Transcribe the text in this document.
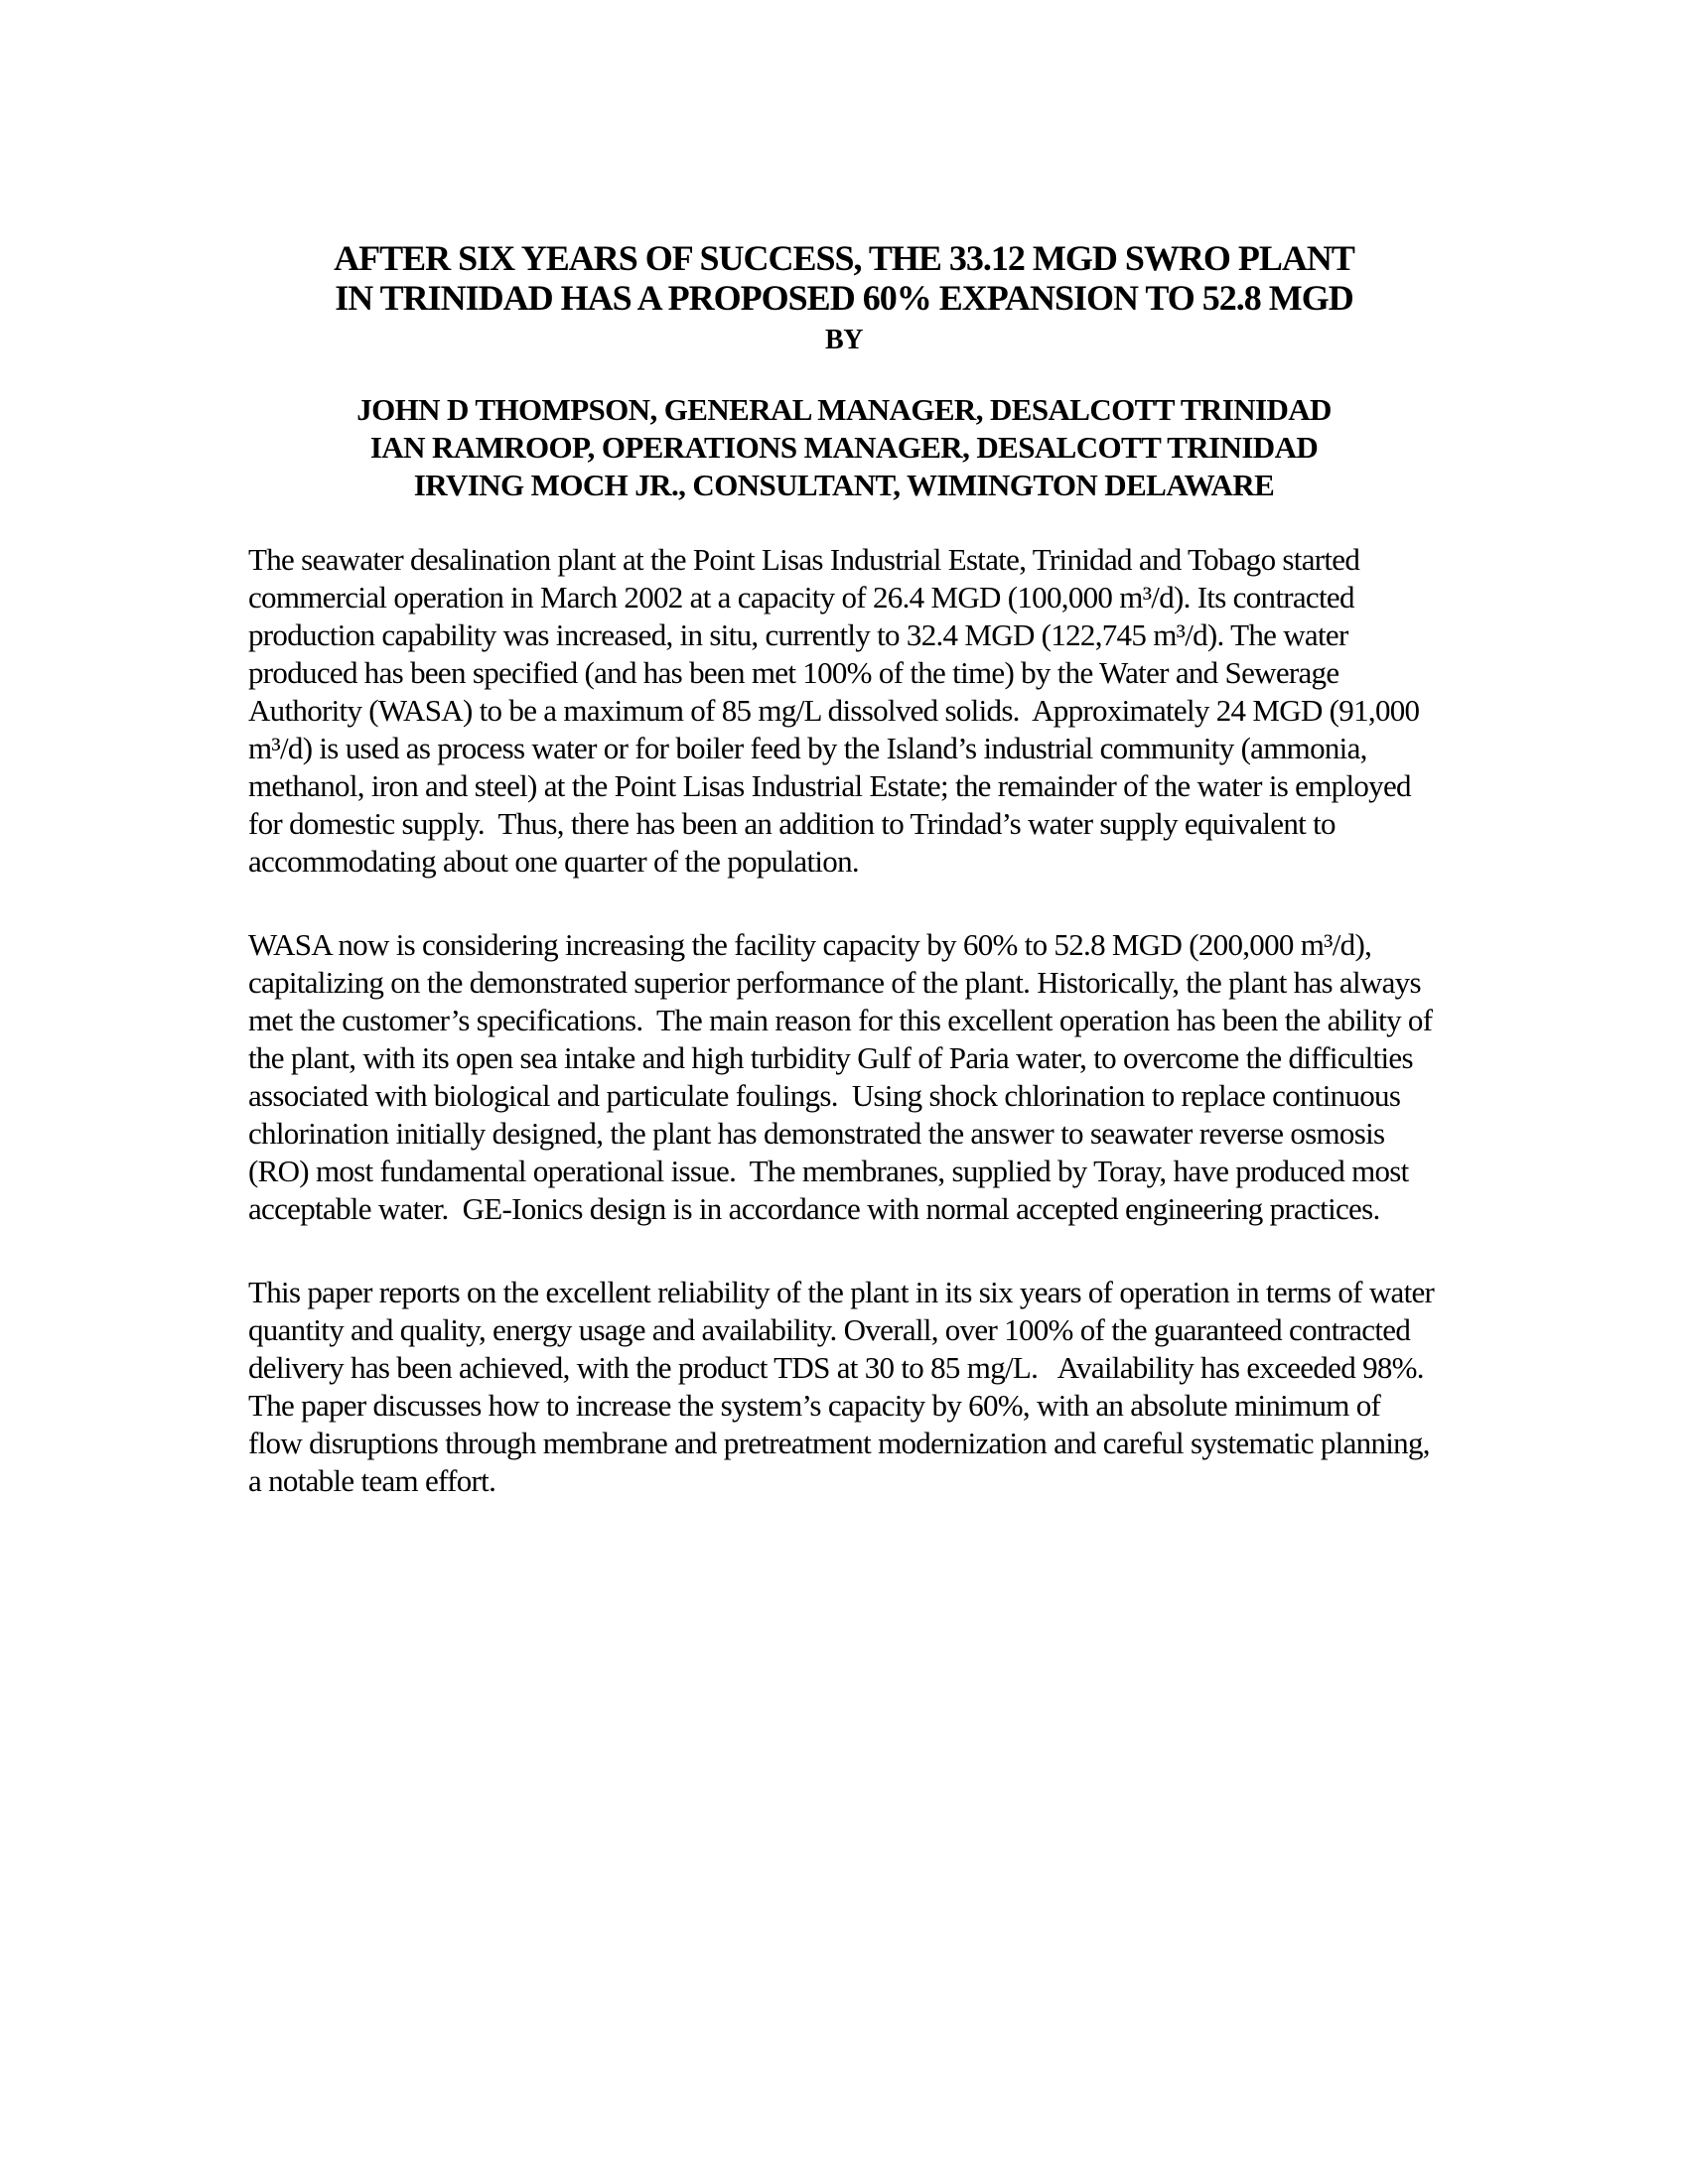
AFTER SIX YEARS OF SUCCESS, THE 33.12 MGD SWRO PLANT
IN TRINIDAD HAS A PROPOSED 60% EXPANSION TO 52.8 MGD
BY
JOHN D THOMPSON, GENERAL MANAGER, DESALCOTT TRINIDAD
IAN RAMROOP, OPERATIONS MANAGER, DESALCOTT TRINIDAD
IRVING MOCH JR., CONSULTANT, WIMINGTON DELAWARE

The seawater desalination plant at the Point Lisas Industrial Estate, Trinidad and Tobago started commercial operation in March 2002 at a capacity of 26.4 MGD (100,000 m³/d). Its contracted production capability was increased, in situ, currently to 32.4 MGD (122,745 m³/d). The water produced has been specified (and has been met 100% of the time) by the Water and Sewerage Authority (WASA) to be a maximum of 85 mg/L dissolved solids.  Approximately 24 MGD (91,000 m³/d) is used as process water or for boiler feed by the Island’s industrial community (ammonia, methanol, iron and steel) at the Point Lisas Industrial Estate; the remainder of the water is employed for domestic supply.  Thus, there has been an addition to Trindad’s water supply equivalent to accommodating about one quarter of the population.

WASA now is considering increasing the facility capacity by 60% to 52.8 MGD (200,000 m³/d), capitalizing on the demonstrated superior performance of the plant. Historically, the plant has always met the customer’s specifications.  The main reason for this excellent operation has been the ability of the plant, with its open sea intake and high turbidity Gulf of Paria water, to overcome the difficulties associated with biological and particulate foulings.  Using shock chlorination to replace continuous chlorination initially designed, the plant has demonstrated the answer to seawater reverse osmosis (RO) most fundamental operational issue.  The membranes, supplied by Toray, have produced most acceptable water.  GE-Ionics design is in accordance with normal accepted engineering practices.

This paper reports on the excellent reliability of the plant in its six years of operation in terms of water quantity and quality, energy usage and availability. Overall, over 100% of the guaranteed contracted delivery has been achieved, with the product TDS at 30 to 85 mg/L.   Availability has exceeded 98%.  The paper discusses how to increase the system’s capacity by 60%, with an absolute minimum of flow disruptions through membrane and pretreatment modernization and careful systematic planning, a notable team effort.
